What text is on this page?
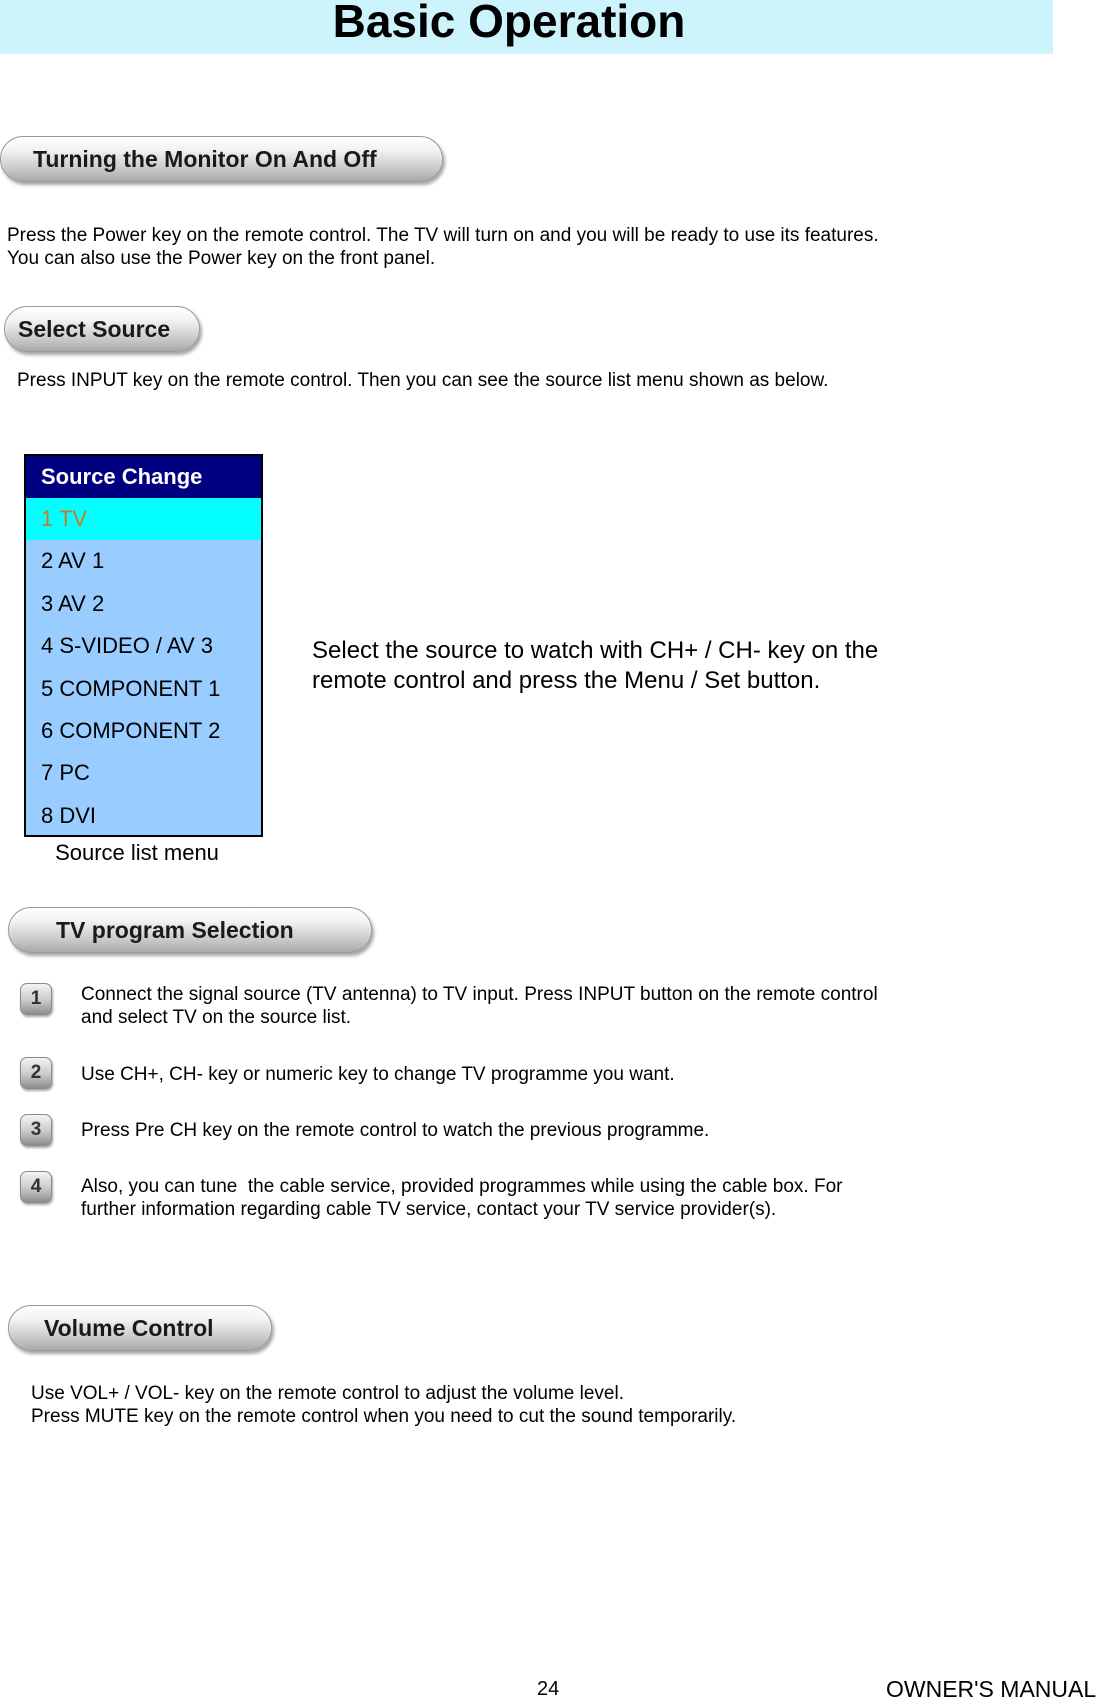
Basic Operation
Turning the Monitor On And Off
Press the Power key on the remote control. The TV will turn on and you will be ready to use its features.
You can also use the Power key on the front panel.
Select Source
Press INPUT key on the remote control. Then you can see the source list menu shown as below.
Source Change
1 TV
2 AV 1
3 AV 2
4 S-VIDEO / AV 3
5 COMPONENT 1
6 COMPONENT 2
7 PC
8 DVI
Source list menu
Select the source to watch with CH+ / CH- key on the
remote control and press the Menu / Set button.
TV program Selection
1	Connect the signal source (TV antenna) to TV input. Press INPUT button on the remote control
and select TV on the source list.
2	Use CH+, CH- key or numeric key to change TV programme you want.
3	Press Pre CH key on the remote control to watch the previous programme.
4	Also, you can tune  the cable service, provided programmes while using the cable box. For
further information regarding cable TV service, contact your TV service provider(s).
Volume Control
Use VOL+ / VOL- key on the remote control to adjust the volume level.
Press MUTE key on the remote control when you need to cut the sound temporarily.
24	OWNER'S MANUAL
